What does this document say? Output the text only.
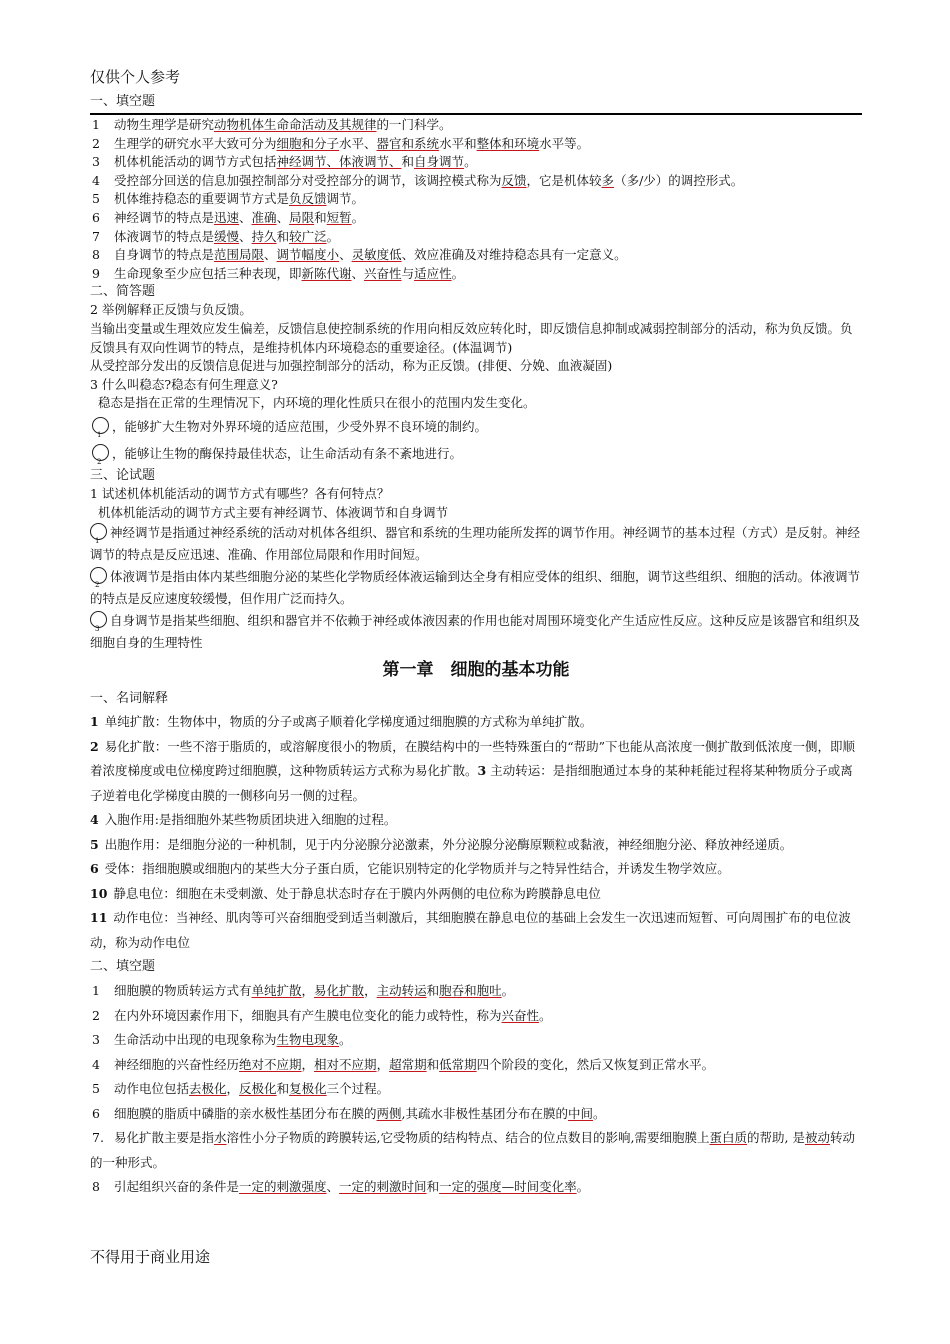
仅供个人参考
一、填空题
1 动物生理学是研究动物机体生命命活动及其规律的一门科学。
2 生理学的研究水平大致可分为细胞和分子水平、器官和系统水平和整体和环境水平等。
3 机体机能活动的调节方式包括神经调节、体液调节、和自身调节。
4 受控部分回送的信息加强控制部分对受控部分的调节，该调控模式称为反馈，它是机体较多（多/少）的调控形式。
5 机体维持稳态的重要调节方式是负反馈调节。
6 神经调节的特点是迅速、准确、局限和短暂。
7 体液调节的特点是缓慢、持久和较广泛。
8 自身调节的特点是范围局限、调节幅度小、灵敏度低、效应准确及对维持稳态具有一定意义。
9 生命现象至少应包括三种表现，即新陈代谢、兴奋性与适应性。
二、简答题
2 举例解释正反馈与负反馈。
当输出变量或生理效应发生偏差，反馈信息使控制系统的作用向相反效应转化时，即反馈信息抑制或减弱控制部分的活动，称为负反馈。负反馈具有双向性调节的特点，是维持机体内环境稳态的重要途径。(体温调节)
从受控部分发出的反馈信息促进与加强控制部分的活动，称为正反馈。(排便、分娩、血液凝固)
3 什么叫稳态?稳态有何生理意义?
稳态是指在正常的生理情况下，内环境的理化性质只在很小的范围内发生变化。
1
，能够扩大生物对外界环境的适应范围，少受外界不良环境的制约。
2
，能够让生物的酶保持最佳状态，让生命活动有条不紊地进行。
三、论试题
1 试述机体机能活动的调节方式有哪些？各有何特点？
机体机能活动的调节方式主要有神经调节、体液调节和自身调节
1
神经调节是指通过神经系统的活动对机体各组织、器官和系统的生理功能所发挥的调节作用。神经调节的基本过程（方式）是反射。神经调节的特点是反应迅速、准确、作用部位局限和作用时间短。
2
体液调节是指由体内某些细胞分泌的某些化学物质经体液运输到达全身有相应受体的组织、细胞，调节这些组织、细胞的活动。体液调节的特点是反应速度较缓慢，但作用广泛而持久。
3
自身调节是指某些细胞、组织和器官并不依赖于神经或体液因素的作用也能对周围环境变化产生适应性反应。这种反应是该器官和组织及细胞自身的生理特性
第一章　细胞的基本功能
一、名词解释
1 单纯扩散：生物体中，物质的分子或离子顺着化学梯度通过细胞膜的方式称为单纯扩散。
2 易化扩散：一些不溶于脂质的，或溶解度很小的物质，在膜结构中的一些特殊蛋白的“帮助”下也能从高浓度一侧扩散到低浓度一侧，即顺着浓度梯度或电位梯度跨过细胞膜，这种物质转运方式称为易化扩散。3 主动转运：是指细胞通过本身的某种耗能过程将某种物质分子或离子逆着电化学梯度由膜的一侧移向另一侧的过程。
4 入胞作用:是指细胞外某些物质团块进入细胞的过程。
5 出胞作用：是细胞分泌的一种机制，见于内分泌腺分泌激素，外分泌腺分泌酶原颗粒或黏液，神经细胞分泌、释放神经递质。
6 受体：指细胞膜或细胞内的某些大分子蛋白质，它能识别特定的化学物质并与之特异性结合，并诱发生物学效应。
10 静息电位：细胞在未受刺激、处于静息状态时存在于膜内外两侧的电位称为跨膜静息电位
11 动作电位：当神经、肌肉等可兴奋细胞受到适当刺激后，其细胞膜在静息电位的基础上会发生一次迅速而短暂、可向周围扩布的电位波动，称为动作电位
二、填空题
1 细胞膜的物质转运方式有单纯扩散，易化扩散，主动转运和胞吞和胞吐。
2 在内外环境因素作用下，细胞具有产生膜电位变化的能力或特性，称为兴奋性。
3 生命活动中出现的电现象称为生物电现象。
4 神经细胞的兴奋性经历绝对不应期，相对不应期，超常期和低常期四个阶段的变化，然后又恢复到正常水平。
5 动作电位包括去极化，反极化和复极化三个过程。
6 细胞膜的脂质中磷脂的亲水极性基团分布在膜的两侧,其疏水非极性基团分布在膜的中间。
7. 易化扩散主要是指水溶性小分子物质的跨膜转运,它受物质的结构特点、结合的位点数目的影响,需要细胞膜上蛋白质的帮助, 是被动转动的一种形式。
8 引起组织兴奋的条件是一定的刺激强度、一定的刺激时间和一定的强度—时间变化率。
不得用于商业用途
